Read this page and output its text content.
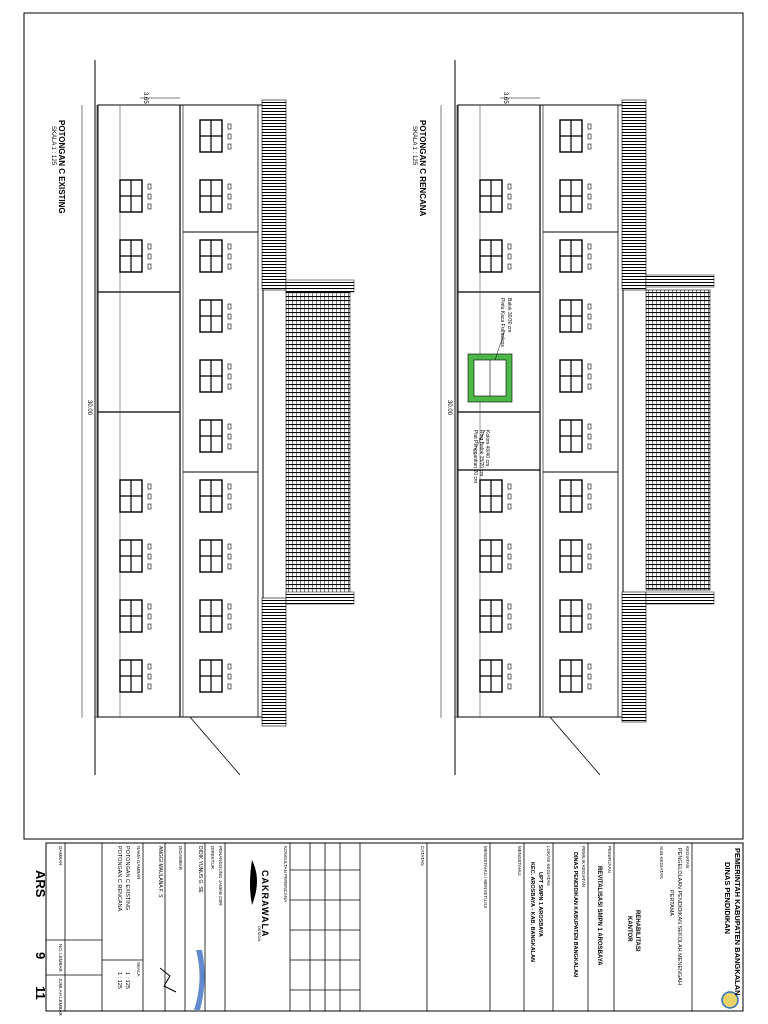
POTONGAN C EXISTING
SKALA 1 : 125
3.65
30.00
POTONGAN C RENCANA
SKALA 1 : 125
3.65
30.00
Balok 30/30 cm
Pintu Kaca Frameless
Kolom 40/40 cm
Ring Balok 15/20 cm
Plat Penggantian 20 cm
PEMERINTAH KABUPATEN BANGKALAN
DINAS PENDIDIKAN
KEGIATAN
PENGELOLAAN PENDIDIKAN SEKOLAH MENENGAH
PERTAMA
SUB KEGIATAN
REHABILITASI
KANTOR
PEKERJAAN
REVITALISASI SMPN 1 AROSBAYA
PEMILIK KEGIATAN
DINAS PENDIDIKAN KABUPATEN BANGKALAN
LOKASI KEGIATAN
UPT SMPN 1 AROSBAYA
KEC. AROSBAYA - KAB. BANGKALAN
MENGETAHUI
MENGETAHUI / MENYETUJUI
CATATAN
KONSULTAN PERENCANA
CAKRAWALA
DESIGN
PENANGGUNG JAWAB CBR
DIREKTUR
DIDIK YUNUS G. SE
DIGAMBAR
ANGGI MAULANA F. S
NAMA GAMBAR
SKALA
POTONGAN C EXISTING
POTONGAN C RENCANA
1 : 125
1 : 125
GAMBAR
NO. LEMBAR
JUMLAH LEMBAR
ARS
9
11
